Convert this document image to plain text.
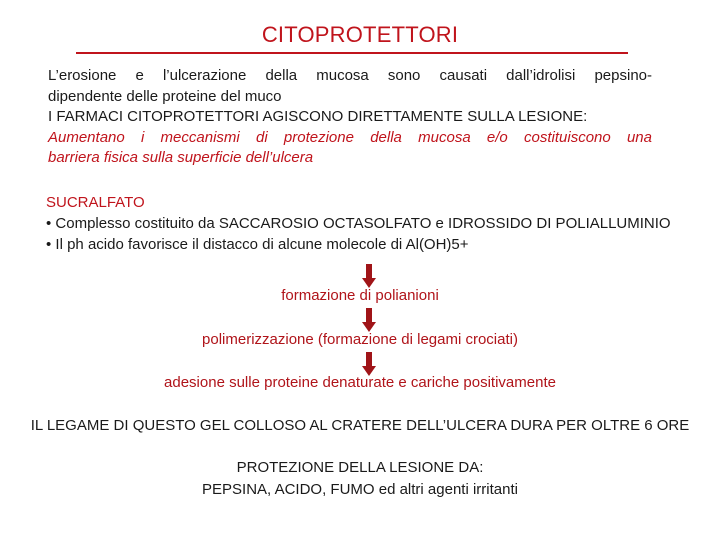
CITOPROTETTORI
L’erosione e l’ulcerazione della mucosa sono causati dall’idrolisi pepsino-
dipendente delle proteine del muco
I FARMACI CITOPROTETTORI AGISCONO DIRETTAMENTE SULLA LESIONE:
Aumentano i meccanismi di protezione della mucosa e/o costituiscono una
barriera fisica sulla superficie dell’ulcera
SUCRALFATO
• Complesso costituito da SACCAROSIO OCTASOLFATO e IDROSSIDO DI POLIALLUMINIO
• Il ph acido favorisce il distacco di alcune molecole di Al(OH)5+
formazione di polianioni
polimerizzazione (formazione di legami crociati)
adesione sulle proteine denaturate e cariche positivamente
IL LEGAME DI QUESTO GEL COLLOSO AL CRATERE DELL’ULCERA DURA PER OLTRE 6 ORE
PROTEZIONE DELLA LESIONE DA:
PEPSINA, ACIDO, FUMO ed altri agenti irritanti
